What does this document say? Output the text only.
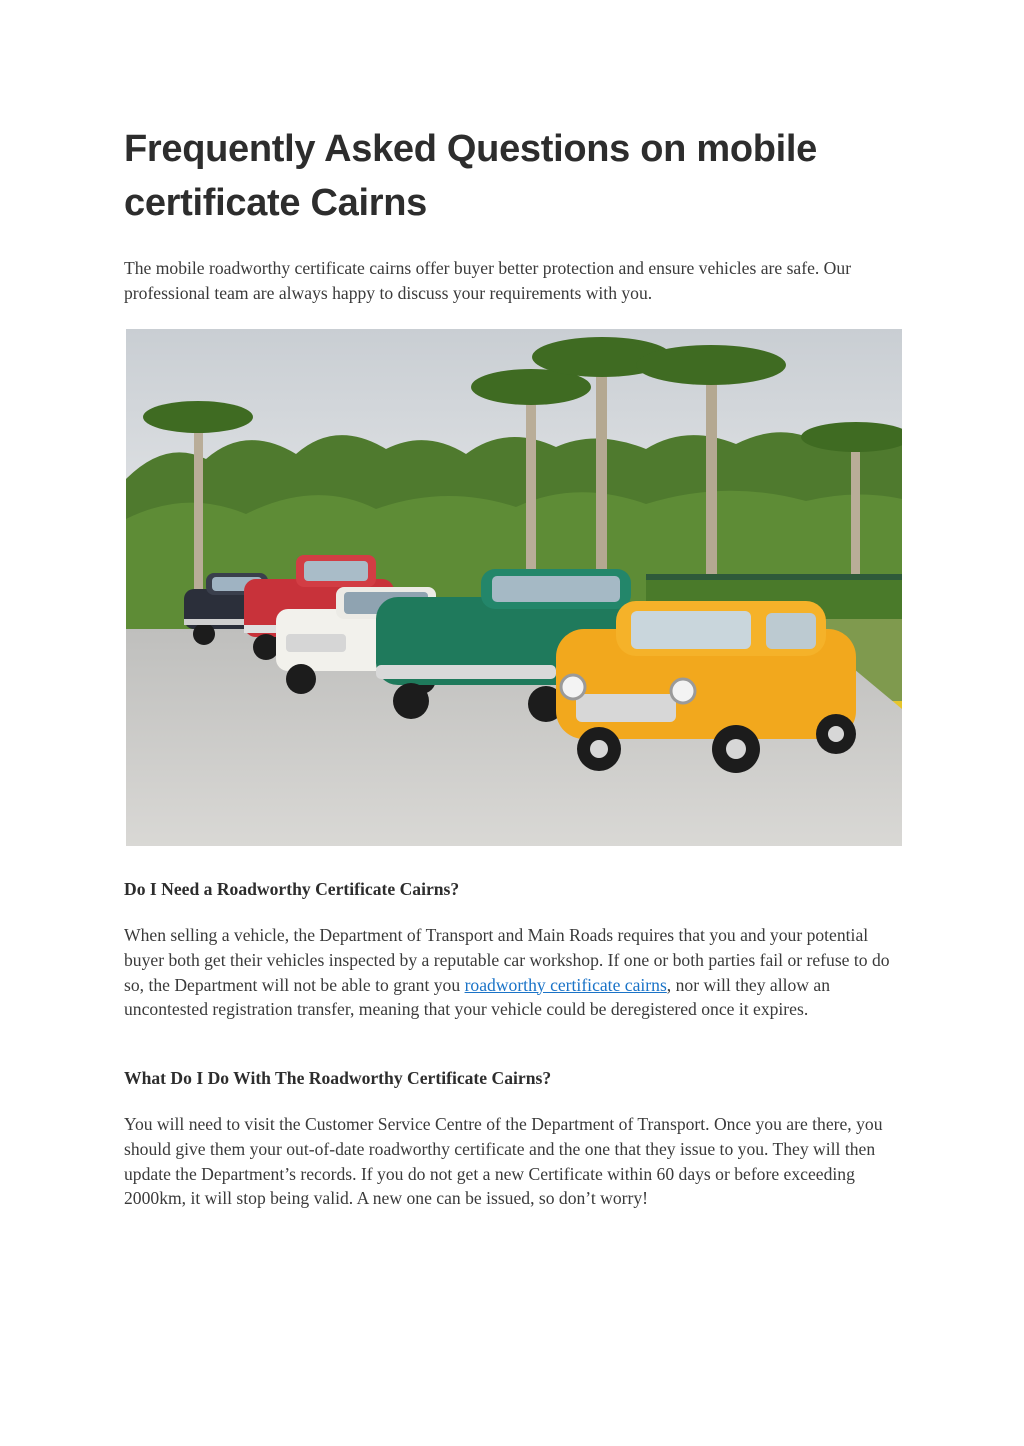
Frequently Asked Questions on mobile certificate Cairns

The mobile roadworthy certificate cairns offer buyer better protection and ensure vehicles are safe. Our professional team are always happy to discuss your requirements with you.

Do I Need a Roadworthy Certificate Cairns?

When selling a vehicle, the Department of Transport and Main Roads requires that you and your potential buyer both get their vehicles inspected by a reputable car workshop. If one or both parties fail or refuse to do so, the Department will not be able to grant you roadworthy certificate cairns, nor will they allow an uncontested registration transfer, meaning that your vehicle could be deregistered once it expires.

What Do I Do With The Roadworthy Certificate Cairns?

You will need to visit the Customer Service Centre of the Department of Transport. Once you are there, you should give them your out-of-date roadworthy certificate and the one that they issue to you. They will then update the Department’s records. If you do not get a new Certificate within 60 days or before exceeding 2000km, it will stop being valid. A new one can be issued, so don’t worry!
